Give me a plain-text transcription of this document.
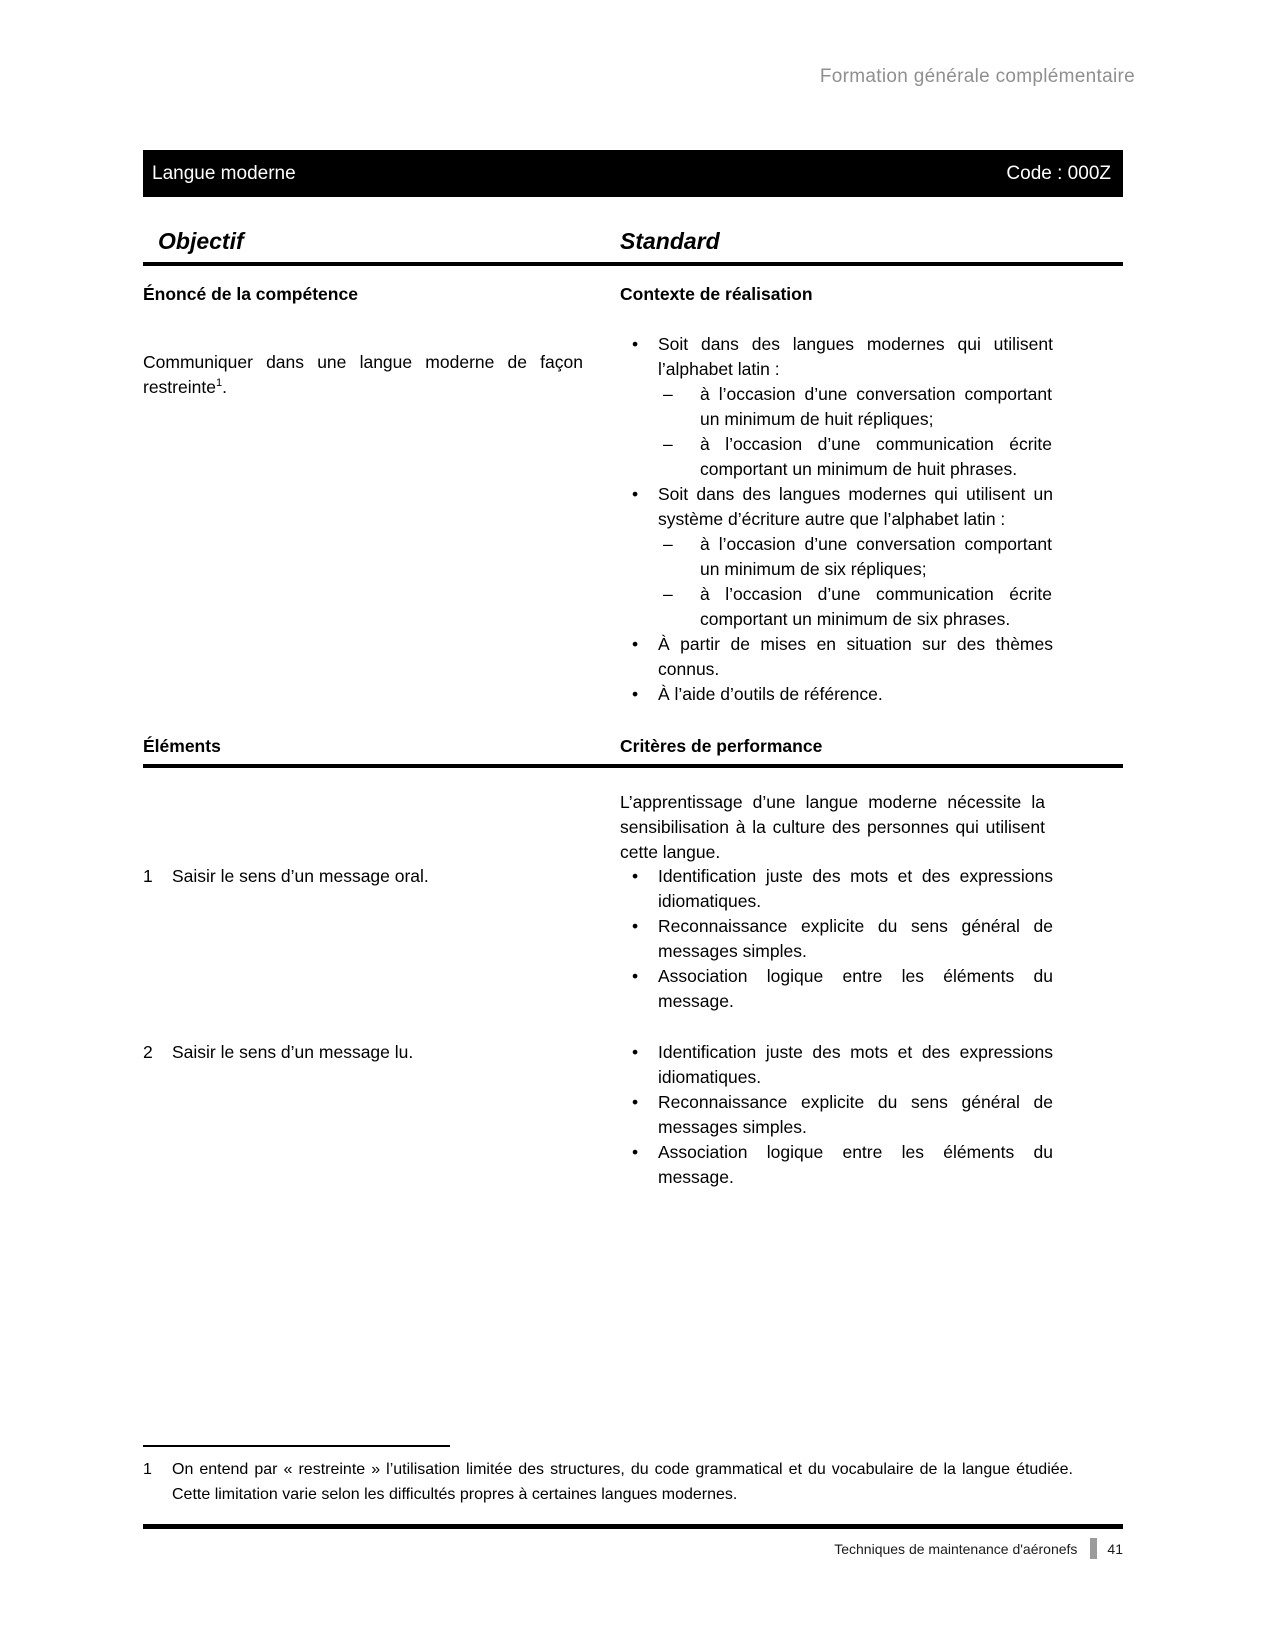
Formation générale complémentaire
Langue moderne	Code : 000Z
Objectif	Standard
Énoncé de la compétence	Contexte de réalisation

Communiquer dans une langue moderne de façon restreinte$^1$.

•	Soit dans des langues modernes qui utilisent l’alphabet latin :
–	à l’occasion d’une conversation comportant un minimum de huit répliques;
–	à l’occasion d’une communication écrite comportant un minimum de huit phrases.
•	Soit dans des langues modernes qui utilisent un système d’écriture autre que l’alphabet latin :
–	à l’occasion d’une conversation comportant un minimum de six répliques;
–	à l’occasion d’une communication écrite comportant un minimum de six phrases.
•	À partir de mises en situation sur des thèmes connus.
•	À l’aide d’outils de référence.
Éléments	Critères de performance

L’apprentissage d’une langue moderne nécessite la sensibilisation à la culture des personnes qui utilisent cette langue.

1	Saisir le sens d’un message oral.	•	Identification juste des mots et des expressions idiomatiques.
•	Reconnaissance explicite du sens général de messages simples.
•	Association logique entre les éléments du message.
2	Saisir le sens d’un message lu.	•	Identification juste des mots et des expressions idiomatiques.
•	Reconnaissance explicite du sens général de messages simples.
•	Association logique entre les éléments du message.
1	On entend par « restreinte » l’utilisation limitée des structures, du code grammatical et du vocabulaire de la langue étudiée. Cette limitation varie selon les difficultés propres à certaines langues modernes.
Techniques de maintenance d'aéronefs 41
